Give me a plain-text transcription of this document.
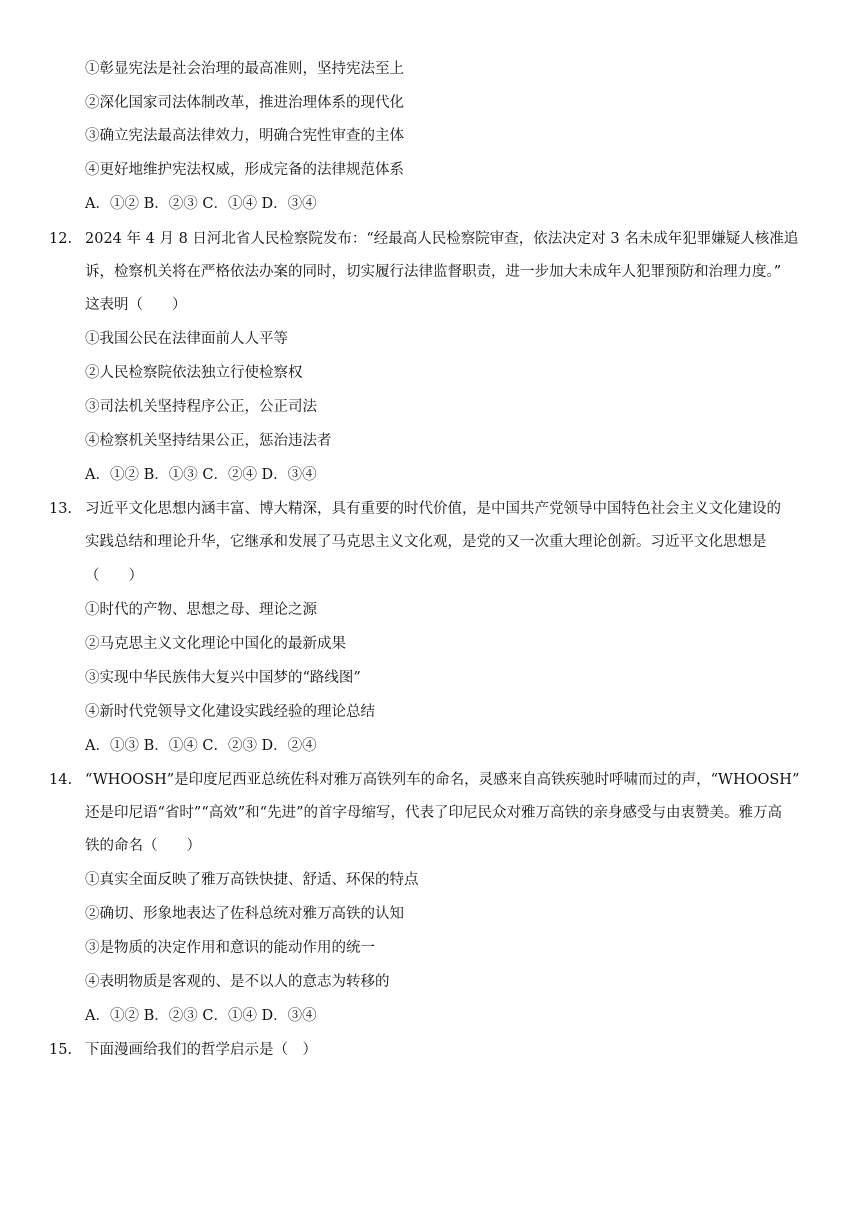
①彰显宪法是社会治理的最高准则，坚持宪法至上
②深化国家司法体制改革，推进治理体系的现代化
③确立宪法最高法律效力，明确合宪性审查的主体
④更好地维护宪法权威，形成完备的法律规范体系
A．①② B．②③ C．①④ D．③④
12. 2024 年 4 月 8 日河北省人民检察院发布：“经最高人民检察院审查，依法决定对 3 名未成年犯罪嫌疑人核准追
诉，检察机关将在严格依法办案的同时，切实履行法律监督职责，进一步加大未成年人犯罪预防和治理力度。”
这表明（　　）
①我国公民在法律面前人人平等
②人民检察院依法独立行使检察权
③司法机关坚持程序公正，公正司法
④检察机关坚持结果公正，惩治违法者
A．①② B．①③ C．②④ D．③④
13. 习近平文化思想内涵丰富、博大精深，具有重要的时代价值，是中国共产党领导中国特色社会主义文化建设的
实践总结和理论升华，它继承和发展了马克思主义文化观，是党的又一次重大理论创新。习近平文化思想是
（　　）
①时代的产物、思想之母、理论之源
②马克思主义文化理论中国化的最新成果
③实现中华民族伟大复兴中国梦的“路线图”
④新时代党领导文化建设实践经验的理论总结
A．①③ B．①④ C．②③ D．②④
14. “WHOOSH”是印度尼西亚总统佐科对雅万高铁列车的命名，灵感来自高铁疾驰时呼啸而过的声，“WHOOSH”
还是印尼语“省时”“高效”和“先进”的首字母缩写，代表了印尼民众对雅万高铁的亲身感受与由衷赞美。雅万高
铁的命名（　　）
①真实全面反映了雅万高铁快捷、舒适、环保的特点
②确切、形象地表达了佐科总统对雅万高铁的认知
③是物质的决定作用和意识的能动作用的统一
④表明物质是客观的、是不以人的意志为转移的
A．①② B．②③ C．①④ D．③④
15. 下面漫画给我们的哲学启示是（　）
